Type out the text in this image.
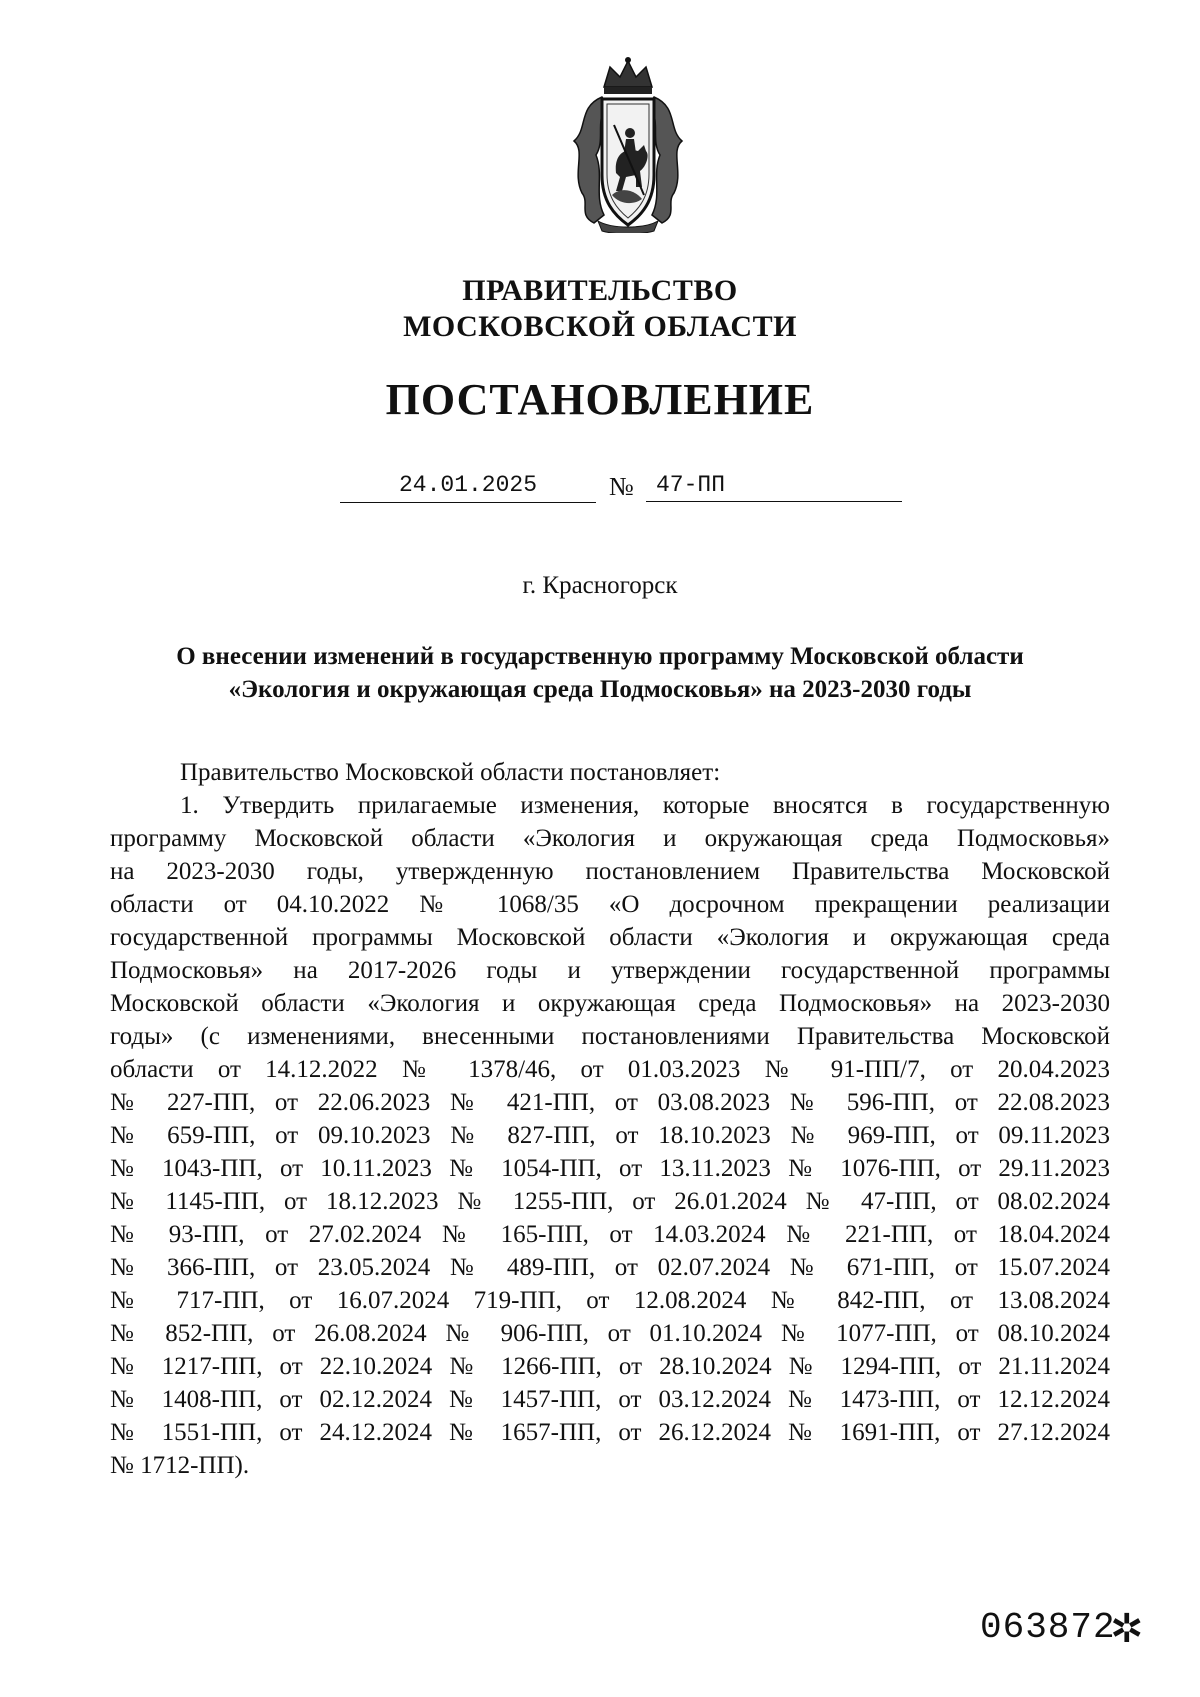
ПРАВИТЕЛЬСТВО
МОСКОВСКОЙ ОБЛАСТИ
ПОСТАНОВЛЕНИЕ
24.01.2025	№ 47-ПП
г. Красногорск
О внесении изменений в государственную программу Московской области
«Экология и окружающая среда Подмосковья» на 2023-2030 годы

Правительство Московской области постановляет:

1. Утвердить прилагаемые изменения, которые вносятся в государственную
программу Московской области «Экология и окружающая среда Подмосковья»
на 2023-2030 годы, утвержденную постановлением Правительства Московской
области от 04.10.2022 № 1068/35 «О досрочном прекращении реализации
государственной программы Московской области «Экология и окружающая среда
Подмосковья» на 2017-2026 годы и утверждении государственной программы
Московской области «Экология и окружающая среда Подмосковья» на 2023-2030
годы» (с изменениями, внесенными постановлениями Правительства Московской
области от 14.12.2022 № 1378/46, от 01.03.2023 № 91-ПП/7, от 20.04.2023
№ 227-ПП, от 22.06.2023 № 421-ПП, от 03.08.2023 № 596-ПП, от 22.08.2023
№ 659-ПП, от 09.10.2023 № 827-ПП, от 18.10.2023 № 969-ПП, от 09.11.2023
№ 1043-ПП, от 10.11.2023 № 1054-ПП, от 13.11.2023 № 1076-ПП, от 29.11.2023
№ 1145-ПП, от 18.12.2023 № 1255-ПП, от 26.01.2024 № 47-ПП, от 08.02.2024
№ 93-ПП, от 27.02.2024 № 165-ПП, от 14.03.2024 № 221-ПП, от 18.04.2024
№ 366-ПП, от 23.05.2024 № 489-ПП, от 02.07.2024 № 671-ПП, от 15.07.2024
№ 717-ПП, от 16.07.2024 719-ПП, от 12.08.2024 № 842-ПП, от 13.08.2024
№ 852-ПП, от 26.08.2024 № 906-ПП, от 01.10.2024 № 1077-ПП, от 08.10.2024
№ 1217-ПП, от 22.10.2024 № 1266-ПП, от 28.10.2024 № 1294-ПП, от 21.11.2024
№ 1408-ПП, от 02.12.2024 № 1457-ПП, от 03.12.2024 № 1473-ПП, от 12.12.2024
№ 1551-ПП, от 24.12.2024 № 1657-ПП, от 26.12.2024 № 1691-ПП, от 27.12.2024
№ 1712-ПП).
063872
✲
